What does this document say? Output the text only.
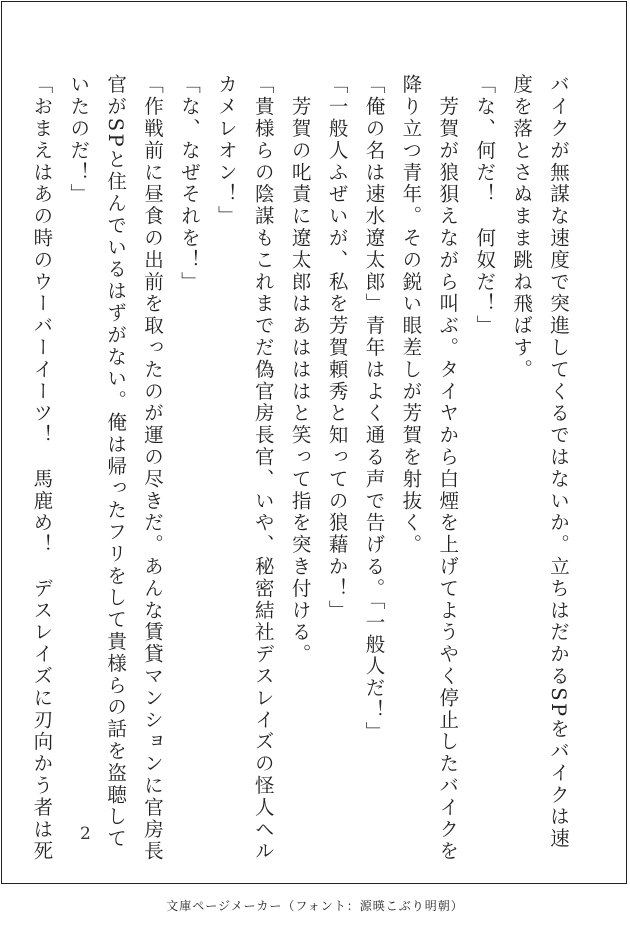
バイクが無謀な速度で突進してくるではないか。立ちはだかるSPをバイクは速
度を落とさぬまま跳ね飛ばす。
「な、何だ！　何奴だ！」
　芳賀が狼狽えながら叫ぶ。タイヤから白煙を上げてようやく停止したバイクを
降り立つ青年。その鋭い眼差しが芳賀を射抜く。
「俺の名は速水遼太郎」青年はよく通る声で告げる。「一般人だ！」
「一般人ふぜいが、私を芳賀頼秀と知っての狼藉か！」
　芳賀の叱責に遼太郎はあはははと笑って指を突き付ける。
「貴様らの陰謀もこれまでだ偽官房長官、いや、秘密結社デスレイズの怪人ヘル
カメレオン！」
「な、なぜそれを！」
「作戦前に昼食の出前を取ったのが運の尽きだ。あんな賃貸マンションに官房長
官がSPと住んでいるはずがない。俺は帰ったフリをして貴様らの話を盗聴して
いたのだ！」
「おまえはあの時のウーバーイーツ！　馬鹿め！　デスレイズに刃向かう者は死	2
文庫ページメーカー（フォント：源暎こぶり明朝）
